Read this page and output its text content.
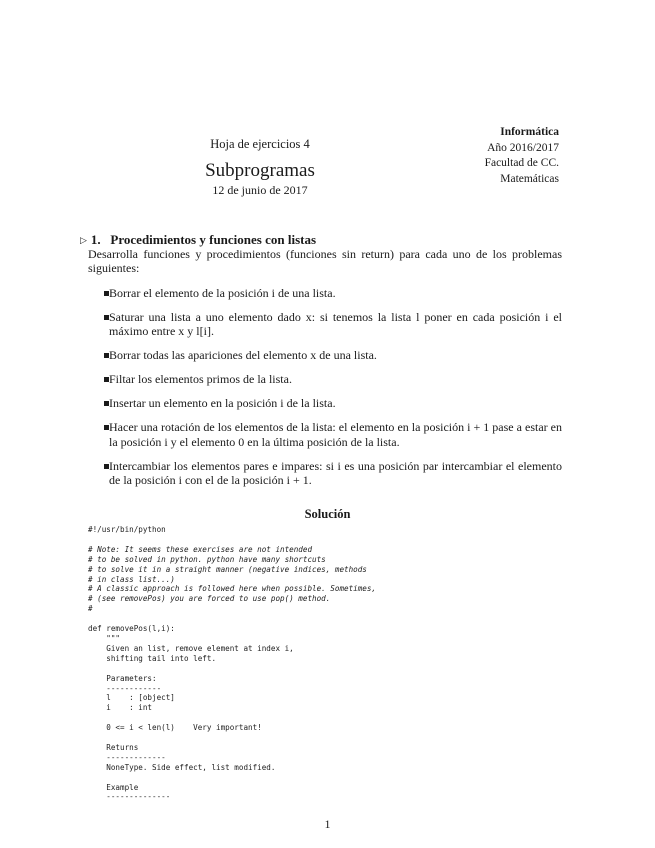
Hoja de ejercicios 4
Subprogramas
12 de junio de 2017
Informática
Año 2016/2017
Facultad de CC.
Matemáticas
▷ 1.   Procedimientos y funciones con listas
Desarrolla funciones y procedimientos (funciones sin return) para cada uno de los problemas siguientes:
Borrar el elemento de la posición i de una lista.
Saturar una lista a uno elemento dado x: si tenemos la lista l poner en cada posición i el máximo entre x y l[i].
Borrar todas las apariciones del elemento x de una lista.
Filtar los elementos primos de la lista.
Insertar un elemento en la posición i de la lista.
Hacer una rotación de los elementos de la lista: el elemento en la posición i + 1 pase a estar en la posición i y el elemento 0 en la última posición de la lista.
Intercambiar los elementos pares e impares: si i es una posición par intercambiar el elemento de la posición i con el de la posición i + 1.
Solución
#!/usr/bin/python

# Note: It seems these exercises are not intended
# to be solved in python. python have many shortcuts
# to solve it in a straight manner (negative indices, methods
# in class list...)
# A classic approach is followed here when possible. Sometimes,
# (see removePos) you are forced to use pop() method.
#

def removePos(l,i):
"""
Given an list, remove element at index i,
shifting tail into left.

Parameters:
------------
l    : [object]
i    : int

0 <= i < len(l)    Very important!

Returns
-------------
NoneType. Side effect, list modified.

Example
--------------
1
